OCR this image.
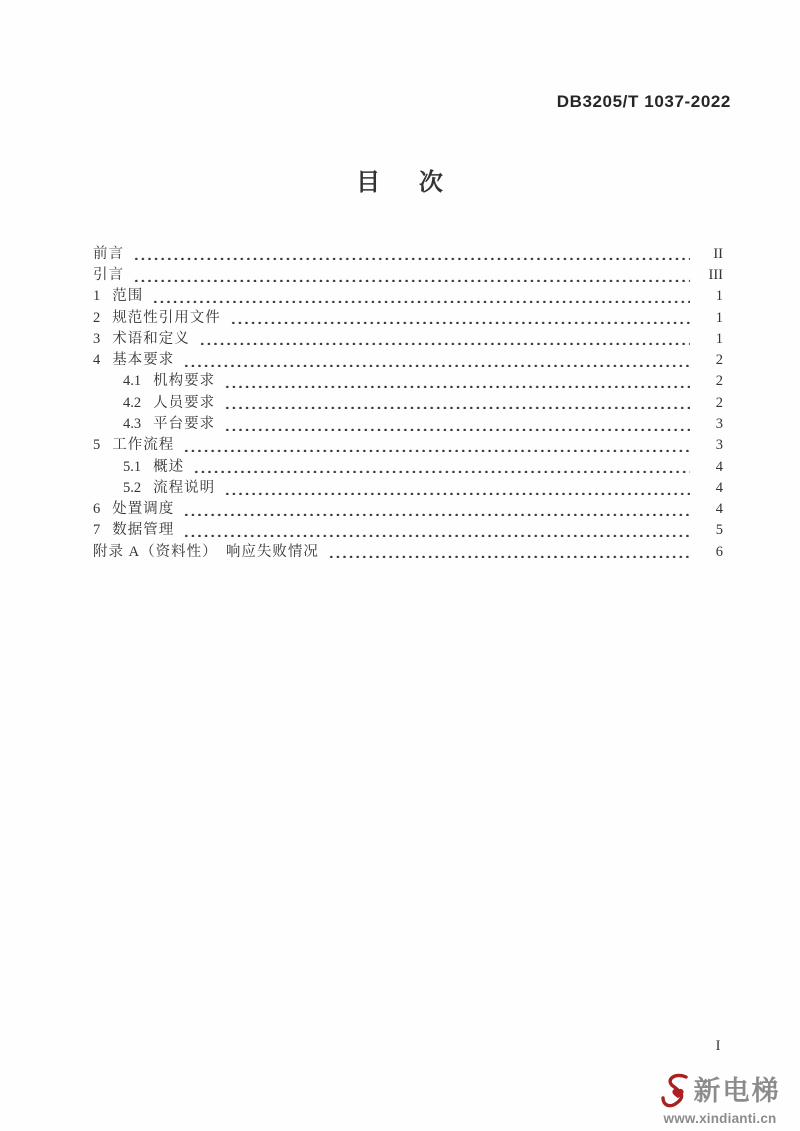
DB3205/T 1037-2022
目 次
前言	II
引言	III
1 范围	1
2 规范性引用文件	1
3 术语和定义	1
4 基本要求	2
4.1 机构要求	2
4.2 人员要求	2
4.3 平台要求	3
5 工作流程	3
5.1 概述	4
5.2 流程说明	4
6 处置调度	4
7 数据管理	5
附录 A（资料性）　响应失败情况	6
I
新电梯
www.xindianti.cn
